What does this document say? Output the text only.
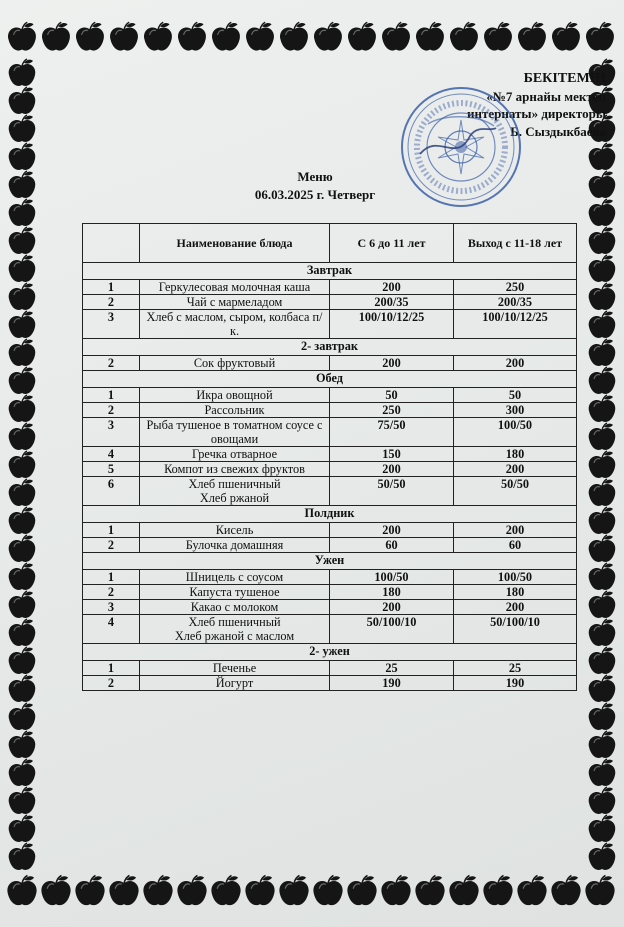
БЕКІТЕМІН
«№7 арнайы мектеп
интернаты» директоры
Б. Сыздыкбаева
Меню
06.03.2025 г. Четверг
	Наименование блюда	С 6 до 11 лет	Выход с 11-18 лет
Завтрак			
1	Геркулесовая молочная каша	200	250
2	Чай с мармеладом	200/35	200/35
3	Хлеб с маслом, сыром, колбаса п/к.	100/10/12/25	100/10/12/25
2- завтрак			
2	Сок фруктовый	200	200
Обед			
1	Икра овощной	50	50
2	Рассольник	250	300
3	Рыба тушеное в томатном соусе с овощами	75/50	100/50
4	Гречка отварное	150	180
5	Компот из свежих фруктов	200	200
6	Хлеб пшеничный
Хлеб ржаной	50/50	50/50
Полдник			
1	Кисель	200	200
2	Булочка домашняя	60	60
Ужен			
1	Шницель с соусом	100/50	100/50
2	Капуста тушеное	180	180
3	Какао с молоком	200	200
4	Хлеб пшеничный
Хлеб ржаной с маслом	50/100/10	50/100/10
2- ужен			
1	Печенье	25	25
2	Йогурт	190	190
